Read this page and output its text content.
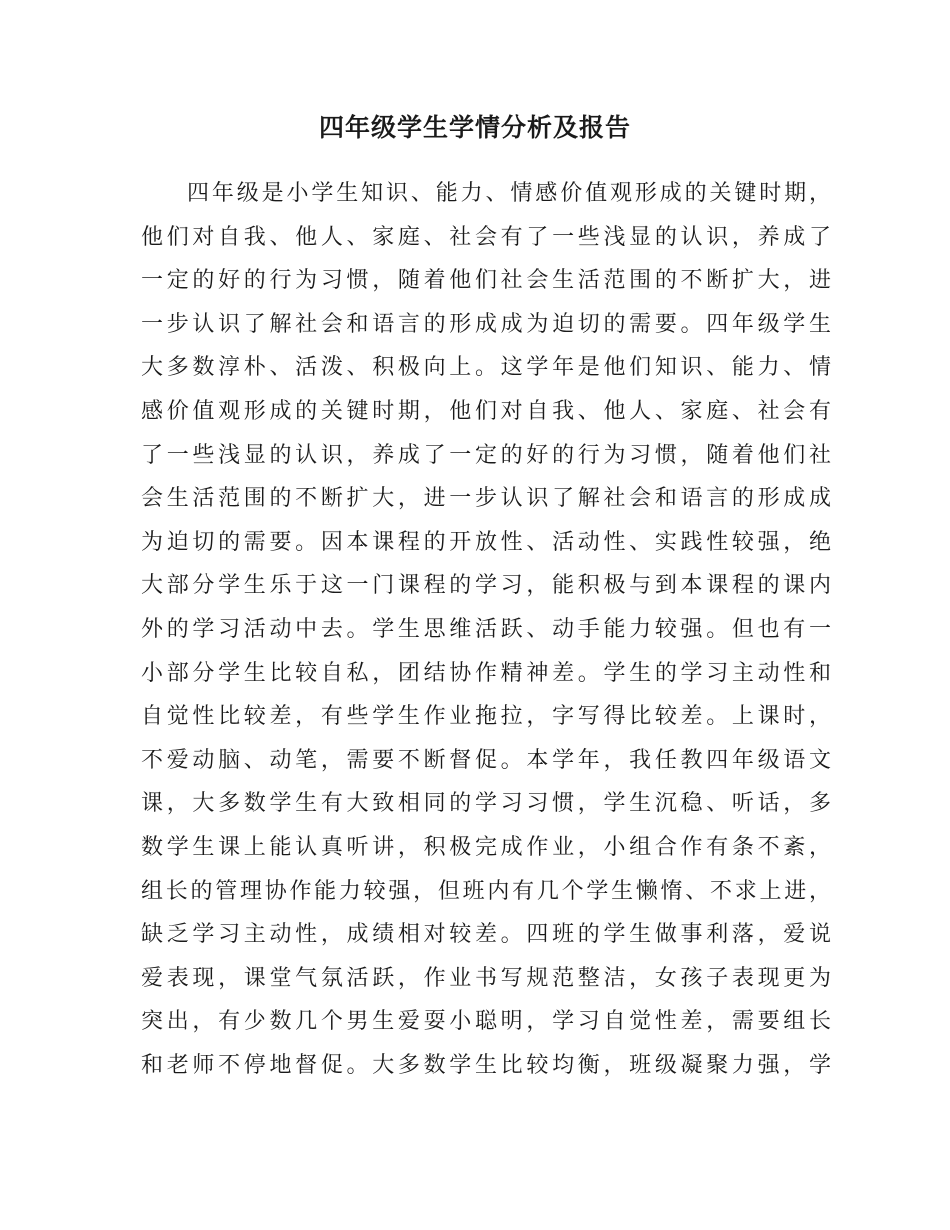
四年级学生学情分析及报告
四年级是小学生知识、能力、情感价值观形成的关键时期，
他们对自我、他人、家庭、社会有了一些浅显的认识，养成了
一定的好的行为习惯，随着他们社会生活范围的不断扩大，进
一步认识了解社会和语言的形成成为迫切的需要。四年级学生
大多数淳朴、活泼、积极向上。这学年是他们知识、能力、情
感价值观形成的关键时期，他们对自我、他人、家庭、社会有
了一些浅显的认识，养成了一定的好的行为习惯，随着他们社
会生活范围的不断扩大，进一步认识了解社会和语言的形成成
为迫切的需要。因本课程的开放性、活动性、实践性较强，绝
大部分学生乐于这一门课程的学习，能积极与到本课程的课内
外的学习活动中去。学生思维活跃、动手能力较强。但也有一
小部分学生比较自私，团结协作精神差。学生的学习主动性和
自觉性比较差，有些学生作业拖拉，字写得比较差。上课时，
不爱动脑、动笔，需要不断督促。本学年，我任教四年级语文
课，大多数学生有大致相同的学习习惯，学生沉稳、听话，多
数学生课上能认真听讲，积极完成作业，小组合作有条不紊，
组长的管理协作能力较强，但班内有几个学生懒惰、不求上进，
缺乏学习主动性，成绩相对较差。四班的学生做事利落，爱说
爱表现，课堂气氛活跃，作业书写规范整洁，女孩子表现更为
突出，有少数几个男生爱耍小聪明，学习自觉性差，需要组长
和老师不停地督促。大多数学生比较均衡，班级凝聚力强，学
